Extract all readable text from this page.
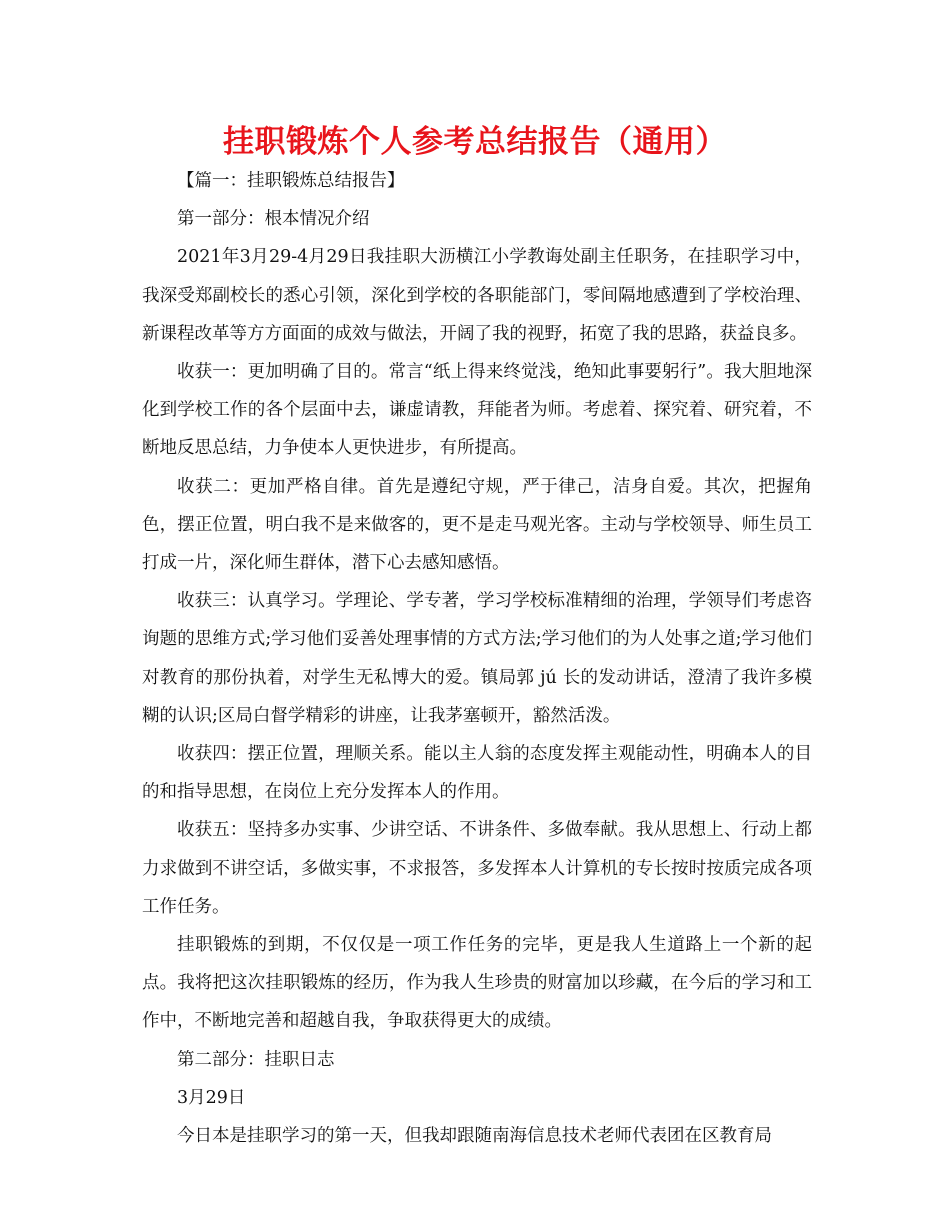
挂职锻炼个人参考总结报告（通用）

【篇一：挂职锻炼总结报告】

第一部分：根本情况介绍

2021年3月29-4月29日我挂职大沥横江小学教诲处副主任职务，在挂职学习中，我深受郑副校长的悉心引领，深化到学校的各职能部门，零间隔地感遭到了学校治理、新课程改革等方方面面的成效与做法，开阔了我的视野，拓宽了我的思路，获益良多。

收获一：更加明确了目的。常言“纸上得来终觉浅，绝知此事要躬行”。我大胆地深化到学校工作的各个层面中去，谦虚请教，拜能者为师。考虑着、探究着、研究着，不断地反思总结，力争使本人更快进步，有所提高。

收获二：更加严格自律。首先是遵纪守规，严于律己，洁身自爱。其次，把握角色，摆正位置，明白我不是来做客的，更不是走马观光客。主动与学校领导、师生员工打成一片，深化师生群体，潜下心去感知感悟。

收获三：认真学习。学理论、学专著，学习学校标准精细的治理，学领导们考虑咨询题的思维方式;学习他们妥善处理事情的方式方法;学习他们的为人处事之道;学习他们对教育的那份执着，对学生无私博大的爱。镇局郭 jú 长的发动讲话，澄清了我许多模糊的认识;区局白督学精彩的讲座，让我茅塞顿开，豁然活泼。

收获四：摆正位置，理顺关系。能以主人翁的态度发挥主观能动性，明确本人的目的和指导思想，在岗位上充分发挥本人的作用。

收获五：坚持多办实事、少讲空话、不讲条件、多做奉献。我从思想上、行动上都力求做到不讲空话，多做实事，不求报答，多发挥本人计算机的专长按时按质完成各项工作任务。

挂职锻炼的到期，不仅仅是一项工作任务的完毕，更是我人生道路上一个新的起点。我将把这次挂职锻炼的经历，作为我人生珍贵的财富加以珍藏，在今后的学习和工作中，不断地完善和超越自我，争取获得更大的成绩。

第二部分：挂职日志

3月29日

今日本是挂职学习的第一天，但我却跟随南海信息技术老师代表团在区教育局
